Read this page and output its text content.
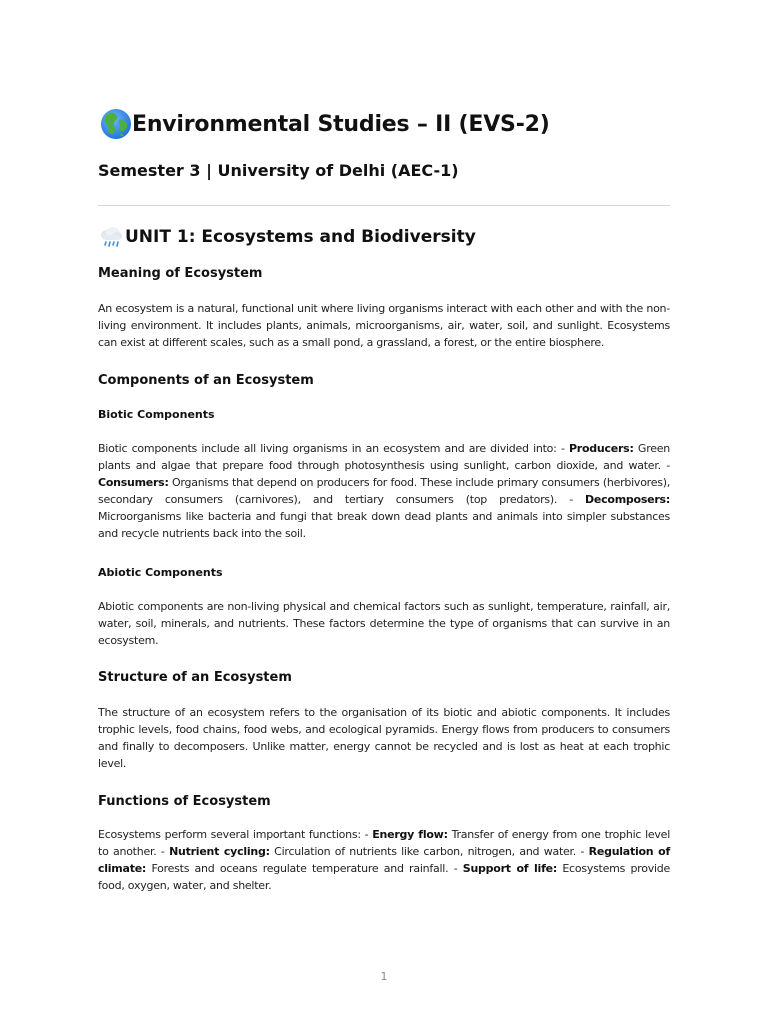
Environmental Studies – II (EVS-2)
Semester 3 | University of Delhi (AEC-1)
UNIT 1: Ecosystems and Biodiversity
Meaning of Ecosystem

An ecosystem is a natural, functional unit where living organisms interact with each other and with the non-living environment. It includes plants, animals, microorganisms, air, water, soil, and sunlight. Ecosystems can exist at different scales, such as a small pond, a grassland, a forest, or the entire biosphere.

Components of an Ecosystem
Biotic Components

Biotic components include all living organisms in an ecosystem and are divided into: - Producers: Green plants and algae that prepare food through photosynthesis using sunlight, carbon dioxide, and water. - Consumers: Organisms that depend on producers for food. These include primary consumers (herbivores), secondary consumers (carnivores), and tertiary consumers (top predators). - Decomposers: Microorganisms like bacteria and fungi that break down dead plants and animals into simpler substances and recycle nutrients back into the soil.

Abiotic Components

Abiotic components are non-living physical and chemical factors such as sunlight, temperature, rainfall, air, water, soil, minerals, and nutrients. These factors determine the type of organisms that can survive in an ecosystem.

Structure of an Ecosystem

The structure of an ecosystem refers to the organisation of its biotic and abiotic components. It includes trophic levels, food chains, food webs, and ecological pyramids. Energy flows from producers to consumers and finally to decomposers. Unlike matter, energy cannot be recycled and is lost as heat at each trophic level.

Functions of Ecosystem

Ecosystems perform several important functions: - Energy flow: Transfer of energy from one trophic level to another. - Nutrient cycling: Circulation of nutrients like carbon, nitrogen, and water. - Regulation of climate: Forests and oceans regulate temperature and rainfall. - Support of life: Ecosystems provide food, oxygen, water, and shelter.

1
